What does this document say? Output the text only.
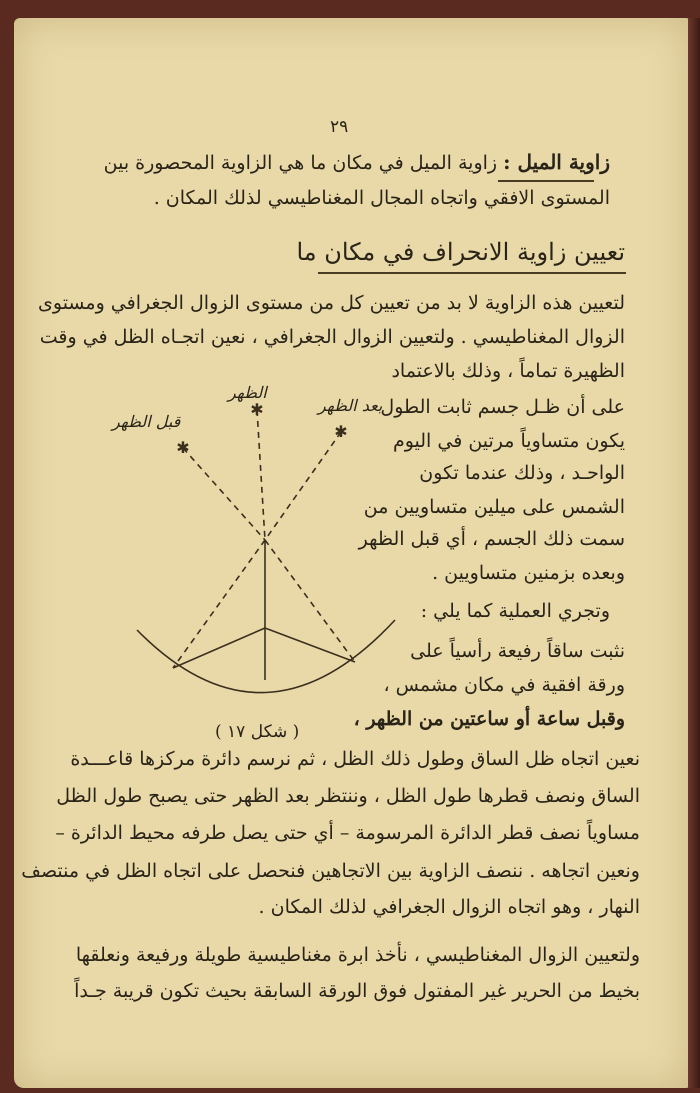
٢٩
زاوية الميل : زاوية الميل في مكان ما هي الزاوية المحصورة بين
المستوى الافقي واتجاه المجال المغناطيسي لذلك المكان .
تعيين زاوية الانحراف في مكان ما
لتعيين هذه الزاوية لا بد من تعيين كل من مستوى الزوال الجغرافي ومستوى
الزوال المغناطيسي . ولتعيين الزوال الجغرافي ، نعين اتجـاه الظل في وقت
الظهيرة تماماً ، وذلك بالاعتماد
على أن ظـل جسم ثابت الطول
يكون متساوياً مرتين في اليوم
الواحـد ، وذلك عندما تكون
الشمس على ميلين متساويين من
سمت ذلك الجسم ، أي قبل الظهر
وبعده بزمنين متساويين .
وتجري العملية كما يلي :
نثبت ساقاً رفيعة رأسياً على
ورقة افقية في مكان مشمس ،
وقبل ساعة أو ساعتين من الظهر ،
✱
✱
✱
قبل الظهر
الظهر
بعد الظهر
( شكل ١٧ )
نعين اتجاه ظل الساق وطول ذلك الظل ، ثم نرسم دائرة مركزها قاعـــدة
الساق ونصف قطرها طول الظل ، وننتظر بعد الظهر حتى يصبح طول الظل
مساوياً نصف قطر الدائرة المرسومة – أي حتى يصل طرفه محيط الدائرة –
ونعين اتجاهه . ننصف الزاوية بين الاتجاهين فنحصل على اتجاه الظل في منتصف
النهار ، وهو اتجاه الزوال الجغرافي لذلك المكان .
ولتعيين الزوال المغناطيسي ، نأخذ ابرة مغناطيسية طويلة ورفيعة ونعلقها
بخيط من الحرير غير المفتول فوق الورقة السابقة بحيث تكون قريبة جـداً
